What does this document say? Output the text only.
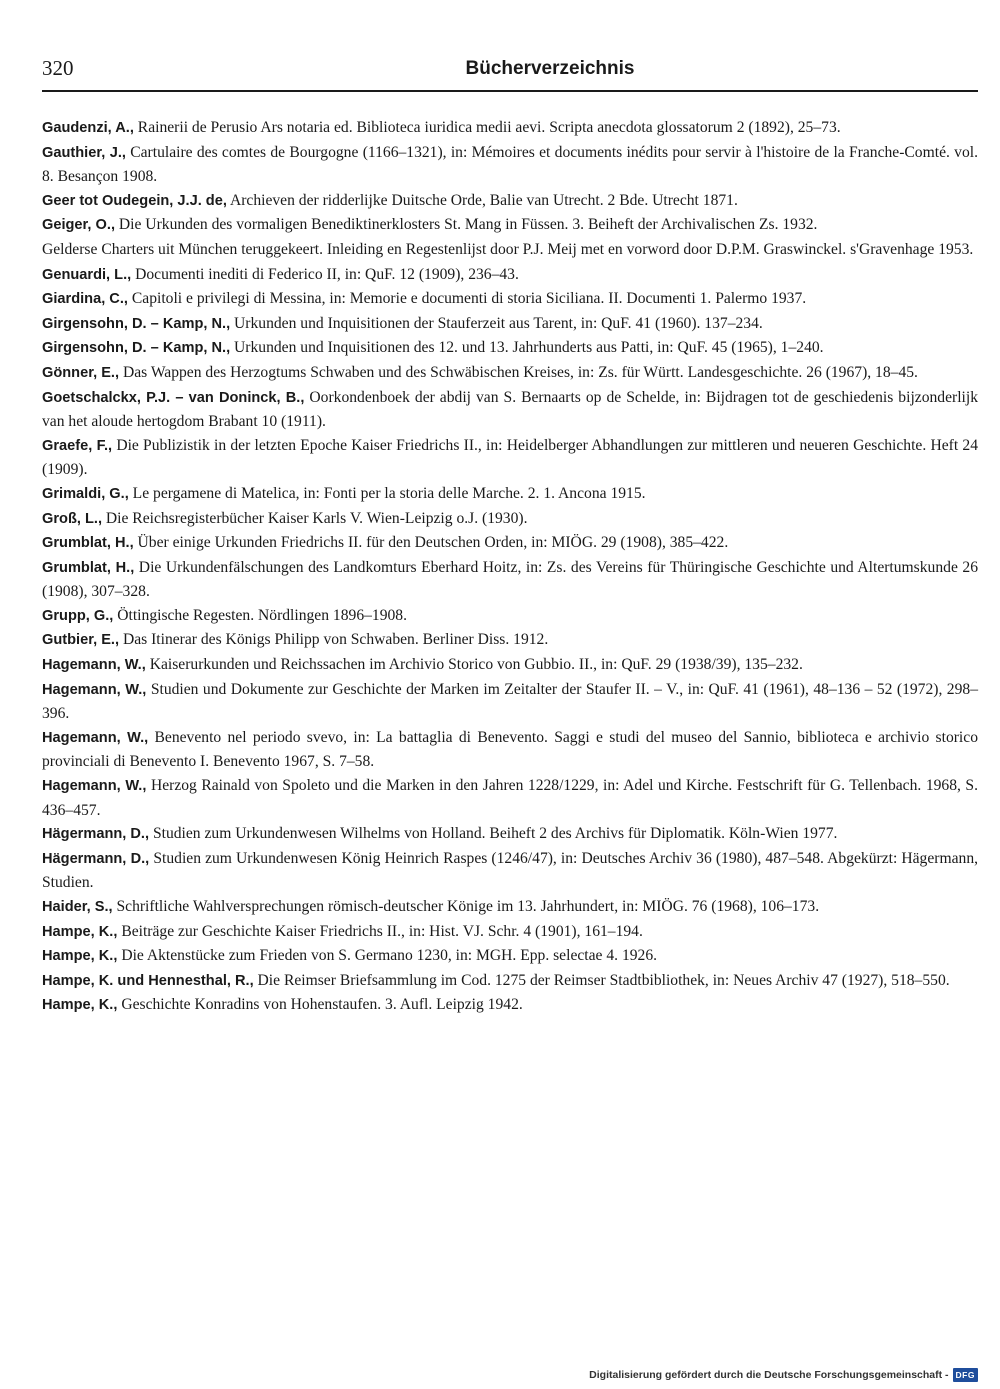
320	Bücherverzeichnis

Gaudenzi, A., Rainerii de Perusio Ars notaria ed. Biblioteca iuridica medii aevi. Scripta anecdota glossatorum 2 (1892), 25–73.

Gauthier, J., Cartulaire des comtes de Bourgogne (1166–1321), in: Mémoires et documents inédits pour servir à l'histoire de la Franche-Comté. vol. 8. Besançon 1908.

Geer tot Oudegein, J.J. de, Archieven der ridderlijke Duitsche Orde, Balie van Utrecht. 2 Bde. Utrecht 1871.

Geiger, O., Die Urkunden des vormaligen Benediktinerklosters St. Mang in Füssen. 3. Beiheft der Archivalischen Zs. 1932.

Gelderse Charters uit München teruggekeert. Inleiding en Regestenlijst door P.J. Meij met en vorword door D.P.M. Graswinckel. s'Gravenhage 1953.

Genuardi, L., Documenti inediti di Federico II, in: QuF. 12 (1909), 236–43.

Giardina, C., Capitoli e privilegi di Messina, in: Memorie e documenti di storia Siciliana. II. Documenti 1. Palermo 1937.

Girgensohn, D. – Kamp, N., Urkunden und Inquisitionen der Stauferzeit aus Tarent, in: QuF. 41 (1960). 137–234.

Girgensohn, D. – Kamp, N., Urkunden und Inquisitionen des 12. und 13. Jahrhunderts aus Patti, in: QuF. 45 (1965), 1–240.

Gönner, E., Das Wappen des Herzogtums Schwaben und des Schwäbischen Kreises, in: Zs. für Württ. Landesgeschichte. 26 (1967), 18–45.

Goetschalckx, P.J. – van Doninck, B., Oorkondenboek der abdij van S. Bernaarts op de Schelde, in: Bijdragen tot de geschiedenis bijzonderlijk van het aloude hertogdom Brabant 10 (1911).

Graefe, F., Die Publizistik in der letzten Epoche Kaiser Friedrichs II., in: Heidelberger Abhandlungen zur mittleren und neueren Geschichte. Heft 24 (1909).

Grimaldi, G., Le pergamene di Matelica, in: Fonti per la storia delle Marche. 2. 1. Ancona 1915.

Groß, L., Die Reichsregisterbücher Kaiser Karls V. Wien-Leipzig o.J. (1930).

Grumblat, H., Über einige Urkunden Friedrichs II. für den Deutschen Orden, in: MIÖG. 29 (1908), 385–422.

Grumblat, H., Die Urkundenfälschungen des Landkomturs Eberhard Hoitz, in: Zs. des Vereins für Thüringische Geschichte und Altertumskunde 26 (1908), 307–328.

Grupp, G., Öttingische Regesten. Nördlingen 1896–1908.

Gutbier, E., Das Itinerar des Königs Philipp von Schwaben. Berliner Diss. 1912.

Hagemann, W., Kaiserurkunden und Reichssachen im Archivio Storico von Gubbio. II., in: QuF. 29 (1938/39), 135–232.

Hagemann, W., Studien und Dokumente zur Geschichte der Marken im Zeitalter der Staufer II. – V., in: QuF. 41 (1961), 48–136 – 52 (1972), 298–396.

Hagemann, W., Benevento nel periodo svevo, in: La battaglia di Benevento. Saggi e studi del museo del Sannio, biblioteca e archivio storico provinciali di Benevento I. Benevento 1967, S. 7–58.

Hagemann, W., Herzog Rainald von Spoleto und die Marken in den Jahren 1228/1229, in: Adel und Kirche. Festschrift für G. Tellenbach. 1968, S. 436–457.

Hägermann, D., Studien zum Urkundenwesen Wilhelms von Holland. Beiheft 2 des Archivs für Diplomatik. Köln-Wien 1977.

Hägermann, D., Studien zum Urkundenwesen König Heinrich Raspes (1246/47), in: Deutsches Archiv 36 (1980), 487–548. Abgekürzt: Hägermann, Studien.

Haider, S., Schriftliche Wahlversprechungen römisch-deutscher Könige im 13. Jahrhundert, in: MIÖG. 76 (1968), 106–173.

Hampe, K., Beiträge zur Geschichte Kaiser Friedrichs II., in: Hist. VJ. Schr. 4 (1901), 161–194.

Hampe, K., Die Aktenstücke zum Frieden von S. Germano 1230, in: MGH. Epp. selectae 4. 1926.

Hampe, K. und Hennesthal, R., Die Reimser Briefsammlung im Cod. 1275 der Reimser Stadtbibliothek, in: Neues Archiv 47 (1927), 518–550.

Hampe, K., Geschichte Konradins von Hohenstaufen. 3. Aufl. Leipzig 1942.

Digitalisierung gefördert durch die Deutsche Forschungsgemeinschaft - DFG
